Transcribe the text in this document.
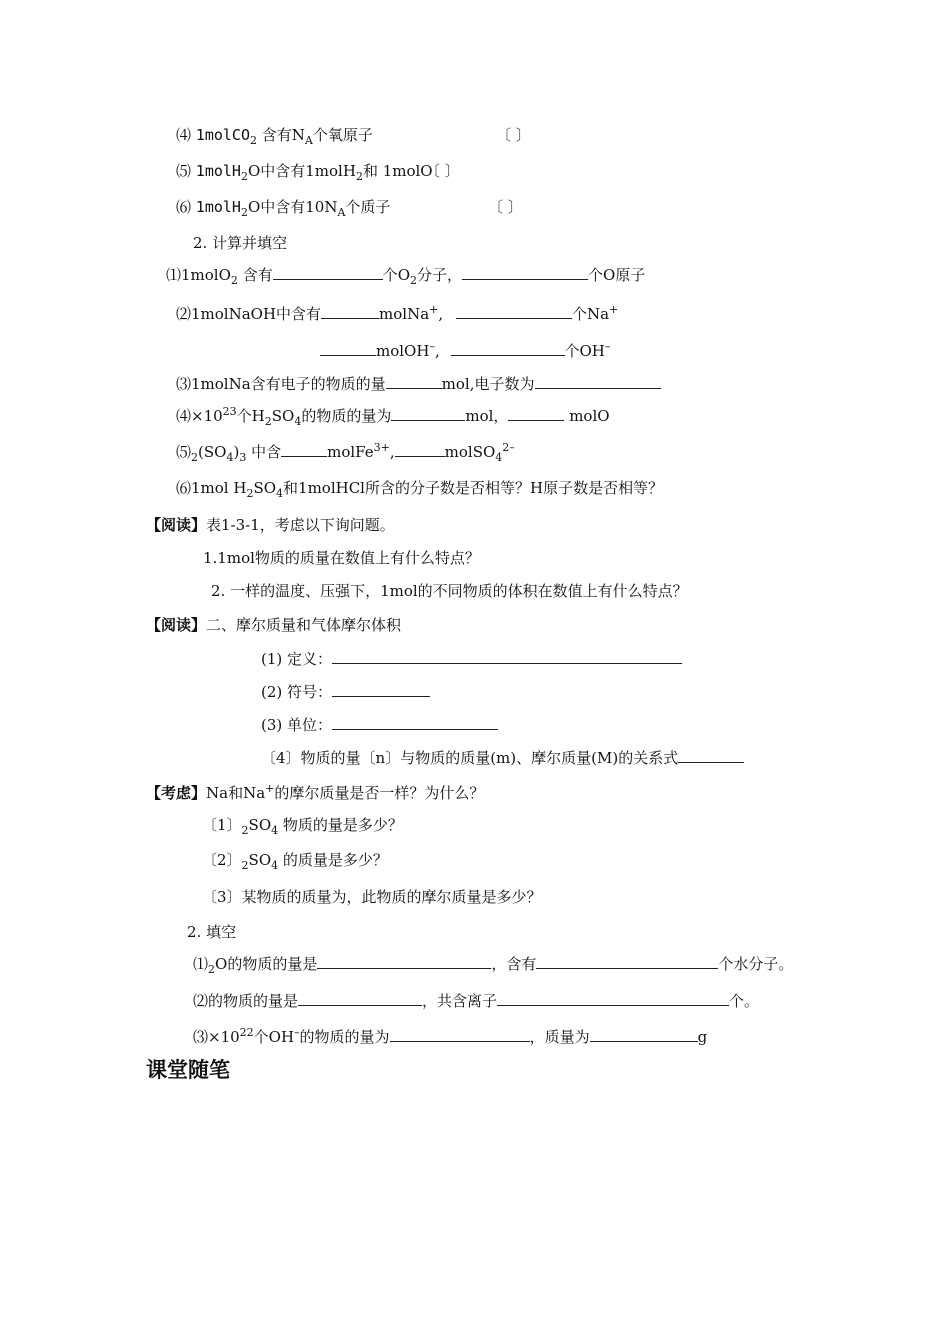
⑷ 1molCO$_2$ 含有$N_A$个氧原子	〔 〕
⑸ 1molH$_2$O中含有1molH$_2$和 1molO
〔 〕
⑹ 1molH$_2$O中含有$10N_A$个质子	〔 〕
2. 计算并填空
⑴1molO$_2$ 含有	个$O_2$分子，	个O原子
⑵1molNaOH中含有	molNa+,	个Na+
molOH–,	个OH–
⑶1molNa含有电子的物质的量	mol,电子数为
$⑷\times 10^{23}$个$H_2SO_4$的物质的量为	mol，	molO
$⑸_2(SO_4)_3$ 中含	molFe$^{3+}$,	molSO$_4^{2-}$
⑹1mol $H_2SO_4$和1molHCl所含的分子数是否相等？H原子数是否相等？
【阅读】表1-3-1，考虑以下询问题。
1.1mol物质的质量在数值上有什么特点？
2. 一样的温度、压强下，1mol的不同物质的体积在数值上有什么特点？
【阅读】二、摩尔质量和气体摩尔体积
(1) 定义：
(2) 符号：
(3) 单位：
〔4〕物质的量〔n〕与物质的质量(m)、摩尔质量(M)的关系式
【考虑】Na和Na+的摩尔质量是否一样？为什么？
〔1〕$_2SO_4$ 物质的量是多少？
〔2〕$_2SO_4$ 的质量是多少？
〔3〕某物质的质量为，此物质的摩尔质量是多少？
2. 填空
$⑴_2O$的物质的量是	，含有	个水分子。
⑵的物质的量是	，共含离子	个。
$⑶\times 10^{22}$个OH–的物质的量为	，质量为	g
课堂随笔
